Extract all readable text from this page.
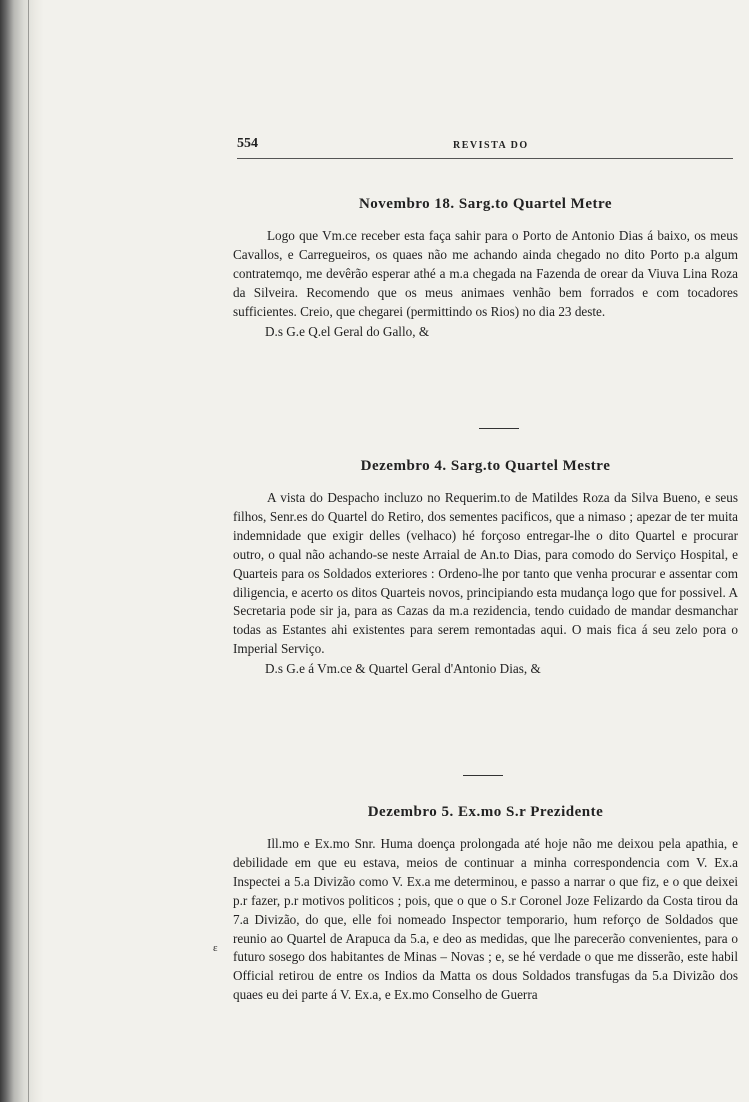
554	REVISTA DO
Novembro 18. Sarg.to Quartel Metre

Logo que Vm.ce receber esta faça sahir para o Porto de Antonio Dias á baixo, os meus Cavallos, e Carregueiros, os quaes não me achando ainda chegado no dito Porto p.a algum contratemqo, me devêrão esperar athé a m.a chegada na Fazenda de orear da Viuva Lina Roza da Silveira. Recomendo que os meus animaes venhão bem forrados e com tocadores sufficientes. Creio, que chegarei (permittindo os Rios) no dia 23 deste.

D.s G.e Q.el Geral do Gallo, &

Dezembro 4. Sarg.to Quartel Mestre

A vista do Despacho incluzo no Requerim.to de Matildes Roza da Silva Bueno, e seus filhos, Senr.es do Quartel do Retiro, dos sementes pacificos, que a nimaso ; apezar de ter muita indemnidade que exigir delles (velhaco) hé forçoso entregar-lhe o dito Quartel e procurar outro, o qual não achando-se neste Arraial de An.to Dias, para comodo do Serviço Hospital, e Quarteis para os Soldados exteriores : Ordeno-lhe por tanto que venha procurar e assentar com diligencia, e acerto os ditos Quarteis novos, principiando esta mudança logo que for possivel. A Secretaria pode sir ja, para as Cazas da m.a rezidencia, tendo cuidado de mandar desmanchar todas as Estantes ahi existentes para serem remontadas aqui. O mais fica á seu zelo pora o Imperial Serviço.

D.s G.e á Vm.ce & Quartel Geral d'Antonio Dias, &

Dezembro 5. Ex.mo S.r Prezidente

Ill.mo e Ex.mo Snr. Huma doença prolongada até hoje não me deixou pela apathia, e debilidade em que eu estava, meios de continuar a minha correspondencia com V. Ex.a Inspectei a 5.a Divizão como V. Ex.a me determinou, e passo a narrar o que fiz, e o que deixei p.r fazer, p.r motivos politicos ; pois, que o que o S.r Coronel Joze Felizardo da Costa tirou da 7.a Divizão, do que, elle foi nomeado Inspector temporario, hum reforço de Soldados que reunio ao Quartel de Arapuca da 5.a, e deo as medidas, que lhe parecerão convenientes, para o futuro sosego dos habitantes de Minas – Novas ; e, se hé verdade o que me disserão, este habil Official retirou de entre os Indios da Matta os dous Soldados transfugas da 5.a Divizão dos quaes eu dei parte á V. Ex.a, e Ex.mo Conselho de Guerra

ɛ
